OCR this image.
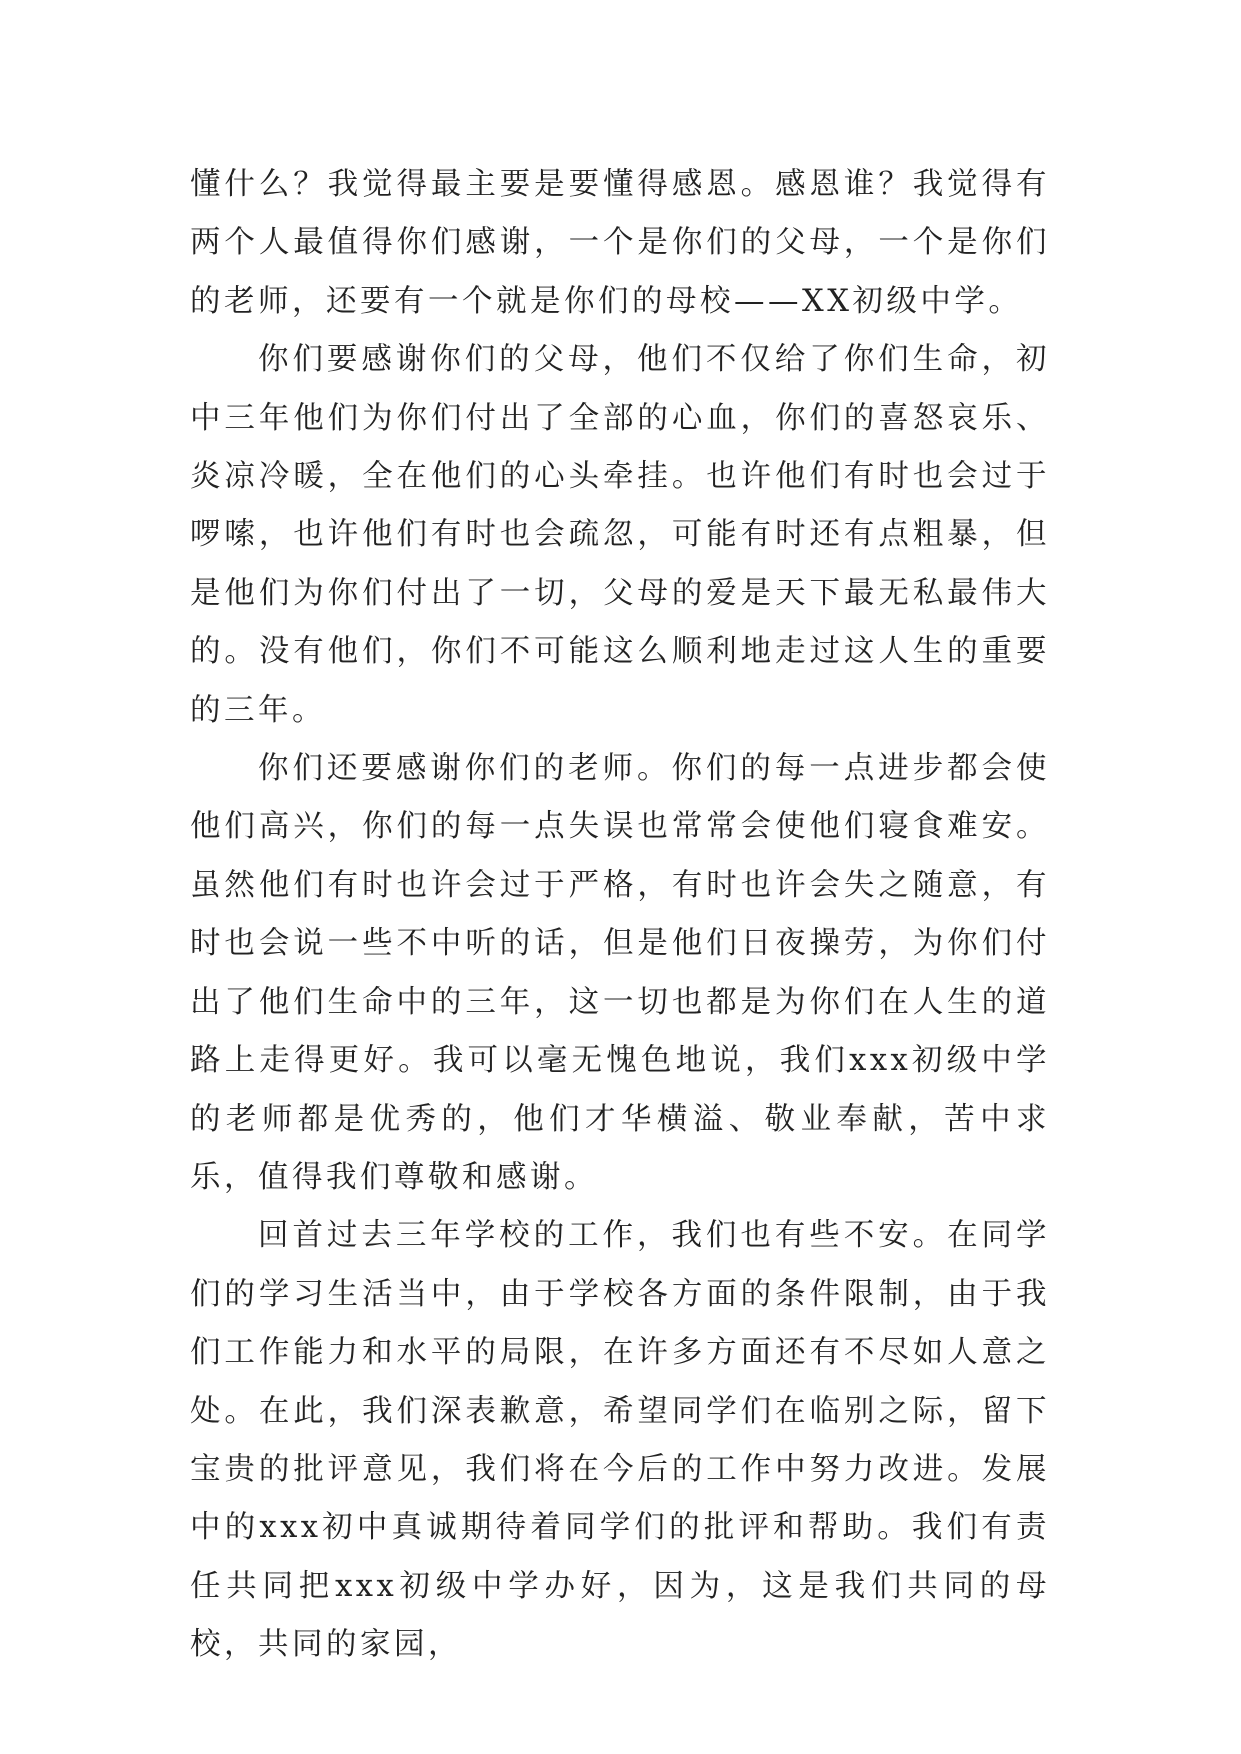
懂什么？我觉得最主要是要懂得感恩。感恩谁？我觉得有两个人最值得你们感谢，一个是你们的父母，一个是你们的老师，还要有一个就是你们的母校——XX初级中学。

你们要感谢你们的父母，他们不仅给了你们生命，初中三年他们为你们付出了全部的心血，你们的喜怒哀乐、炎凉冷暖，全在他们的心头牵挂。也许他们有时也会过于啰嗦，也许他们有时也会疏忽，可能有时还有点粗暴，但是他们为你们付出了一切，父母的爱是天下最无私最伟大的。没有他们，你们不可能这么顺利地走过这人生的重要的三年。

你们还要感谢你们的老师。你们的每一点进步都会使他们高兴，你们的每一点失误也常常会使他们寝食难安。虽然他们有时也许会过于严格，有时也许会失之随意，有时也会说一些不中听的话，但是他们日夜操劳，为你们付出了他们生命中的三年，这一切也都是为你们在人生的道路上走得更好。我可以毫无愧色地说，我们xxx初级中学的老师都是优秀的，他们才华横溢、敬业奉献，苦中求乐，值得我们尊敬和感谢。

回首过去三年学校的工作，我们也有些不安。在同学们的学习生活当中，由于学校各方面的条件限制，由于我们工作能力和水平的局限，在许多方面还有不尽如人意之处。在此，我们深表歉意，希望同学们在临别之际，留下宝贵的批评意见，我们将在今后的工作中努力改进。发展中的xxx初中真诚期待着同学们的批评和帮助。我们有责任共同把xxx初级中学办好，因为，这是我们共同的母校，共同的家园，
